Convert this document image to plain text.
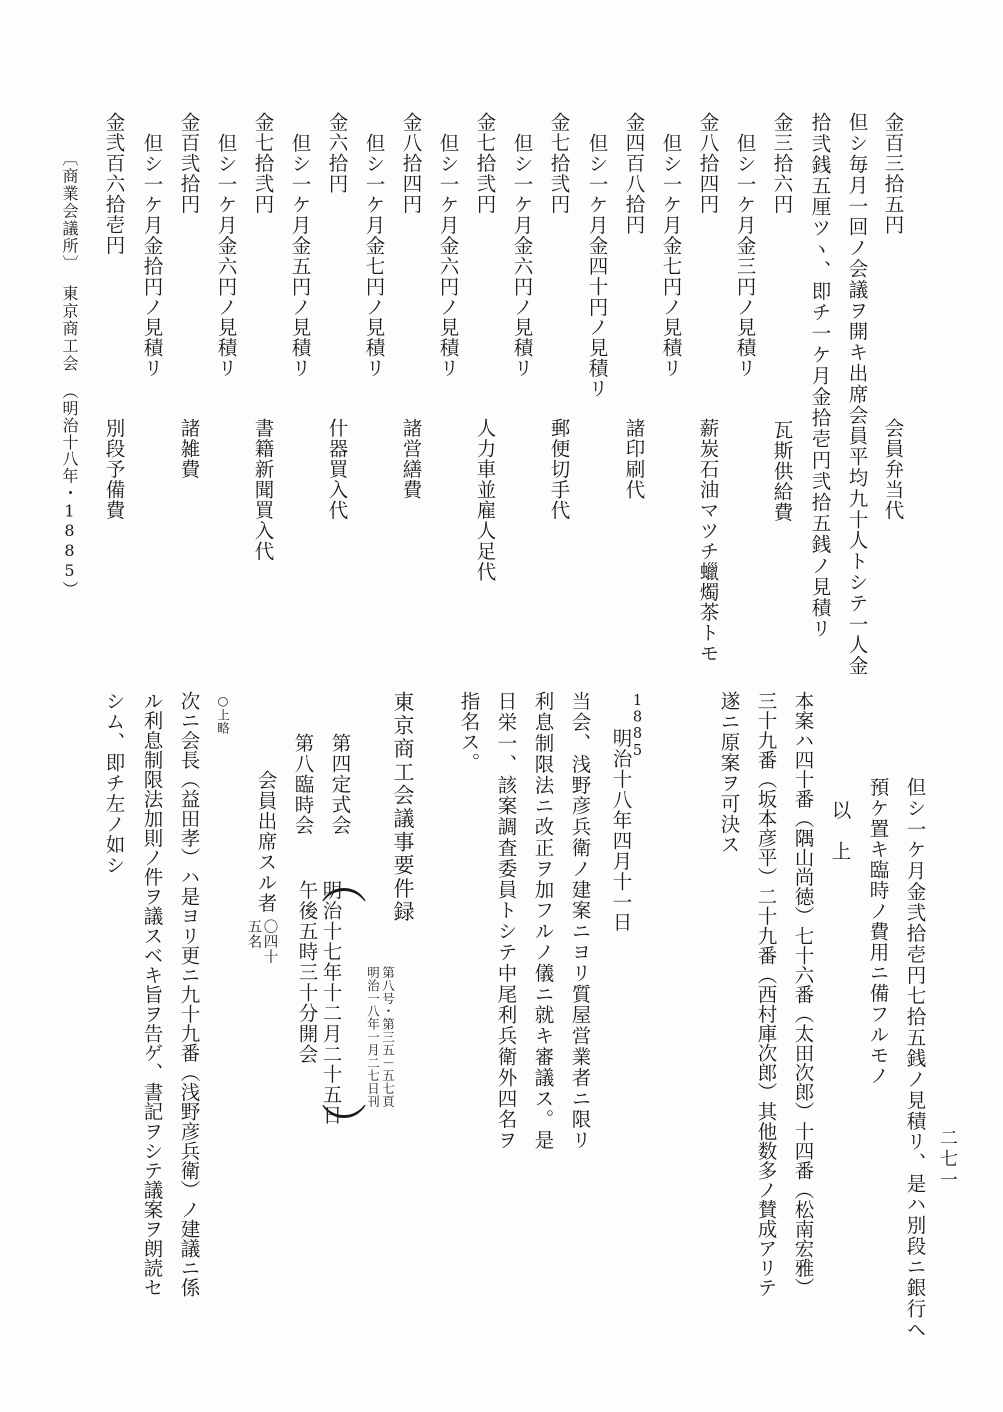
金百三拾五円
会員弁当代
但シ毎月一回ノ会議ヲ開キ出席会員平均九十人トシテ一人金
拾弐銭五厘ツヽ、即チ一ケ月金拾壱円弐拾五銭ノ見積リ
金三拾六円
瓦斯供給費
但シ一ケ月金三円ノ見積リ
金八拾四円
薪炭石油マツチ蠟燭茶トモ
但シ一ケ月金七円ノ見積リ
金四百八拾円
諸印刷代
但シ一ケ月金四十円ノ見積リ
金七拾弐円
郵便切手代
但シ一ケ月金六円ノ見積リ
金七拾弐円
人力車並雇人足代
但シ一ケ月金六円ノ見積リ
金八拾四円
諸営繕費
但シ一ケ月金七円ノ見積リ
金六拾円
什器買入代
但シ一ケ月金五円ノ見積リ
金七拾弐円
書籍新聞買入代
但シ一ケ月金六円ノ見積リ
金百弐拾円
諸雑費
但シ一ケ月金拾円ノ見積リ
金弐百六拾壱円
別段予備費
〔商業会議所〕
東京商工会
（明治十八年・1885）
但シ一ケ月金弐拾壱円七拾五銭ノ見積リ、是ハ別段ニ銀行ヘ
預ケ置キ臨時ノ費用ニ備フルモノ
以　上
本案ハ四十番（隅山尚徳）七十六番（太田次郎）十四番（松南宏雅）
三十九番（坂本彦平）二十九番（西村庫次郎）其他数多ノ賛成アリテ
遂ニ原案ヲ可決ス
1885
明治十八年四月十一日
当会、浅野彦兵衛ノ建案ニヨリ質屋営業者ニ限リ
利息制限法ニ改正ヲ加フルノ儀ニ就キ審議ス。是
日栄一、該案調査委員トシテ中尾利兵衛外四名ヲ
指名ス。
東京商工会議事要件録
第八号・第三五－五七頁
明治一八年一月二七日刊
第四定式会
第八臨時会
︵
明治十七年十二月二十五日
午後五時三十分開会
︶
会員出席スル者
〇四十
五名
○上略
次ニ会長（益田孝）ハ是ヨリ更ニ九十九番（浅野彦兵衛）ノ建議ニ係
ル利息制限法加則ノ件ヲ議スベキ旨ヲ告ゲ、書記ヲシテ議案ヲ朗読セ
シム、即チ左ノ如シ
二七一
